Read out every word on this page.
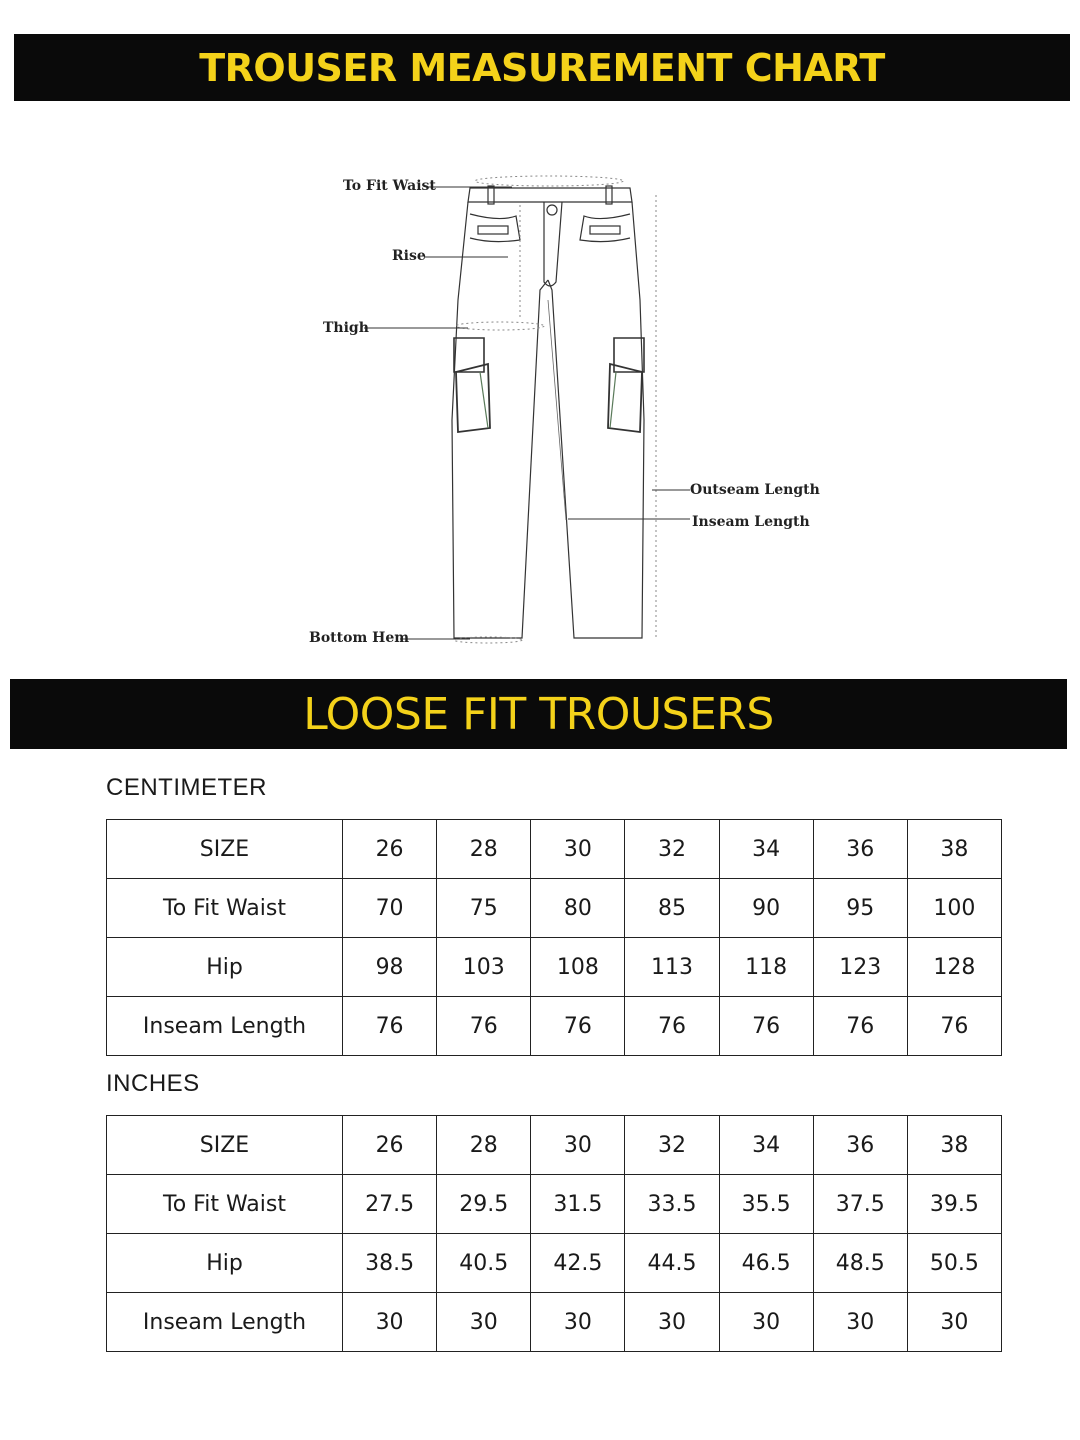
TROUSER MEASUREMENT CHART
To Fit Waist
Rise
Thigh
Outseam Length
Inseam Length
Bottom Hem
LOOSE FIT TROUSERS
CENTIMETER
SIZE	26	28	30	32	34	36	38
To Fit Waist	70	75	80	85	90	95	100
Hip	98	103	108	113	118	123	128
Inseam Length	76	76	76	76	76	76	76
INCHES
SIZE	26	28	30	32	34	36	38
To Fit Waist	27.5	29.5	31.5	33.5	35.5	37.5	39.5
Hip	38.5	40.5	42.5	44.5	46.5	48.5	50.5
Inseam Length	30	30	30	30	30	30	30
